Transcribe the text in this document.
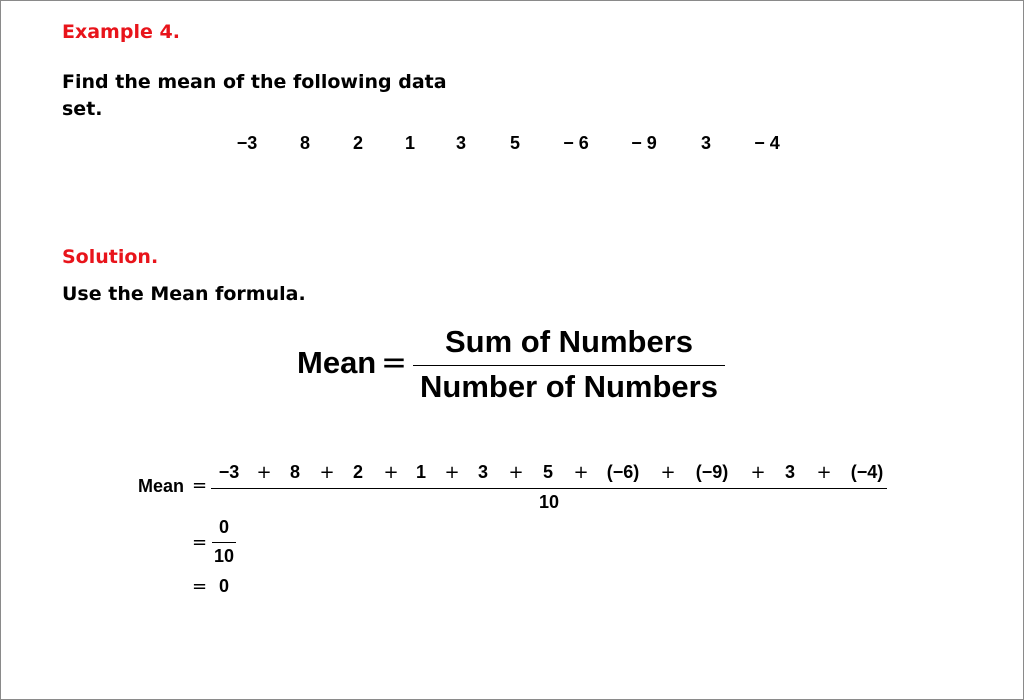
Example 4.
Find the mean of the following data set.
−3	8	2	1	3	5	− 6	− 9	3	− 4
Solution.
Use the Mean formula.
Mean =
Sum of Numbers
Number of Numbers
Mean =
−3	8	2	1	3	5	(−6)	(−9)	3	(−4)
+	+	+	+	+	+	+	+	+
10
=
0
10
= 0
